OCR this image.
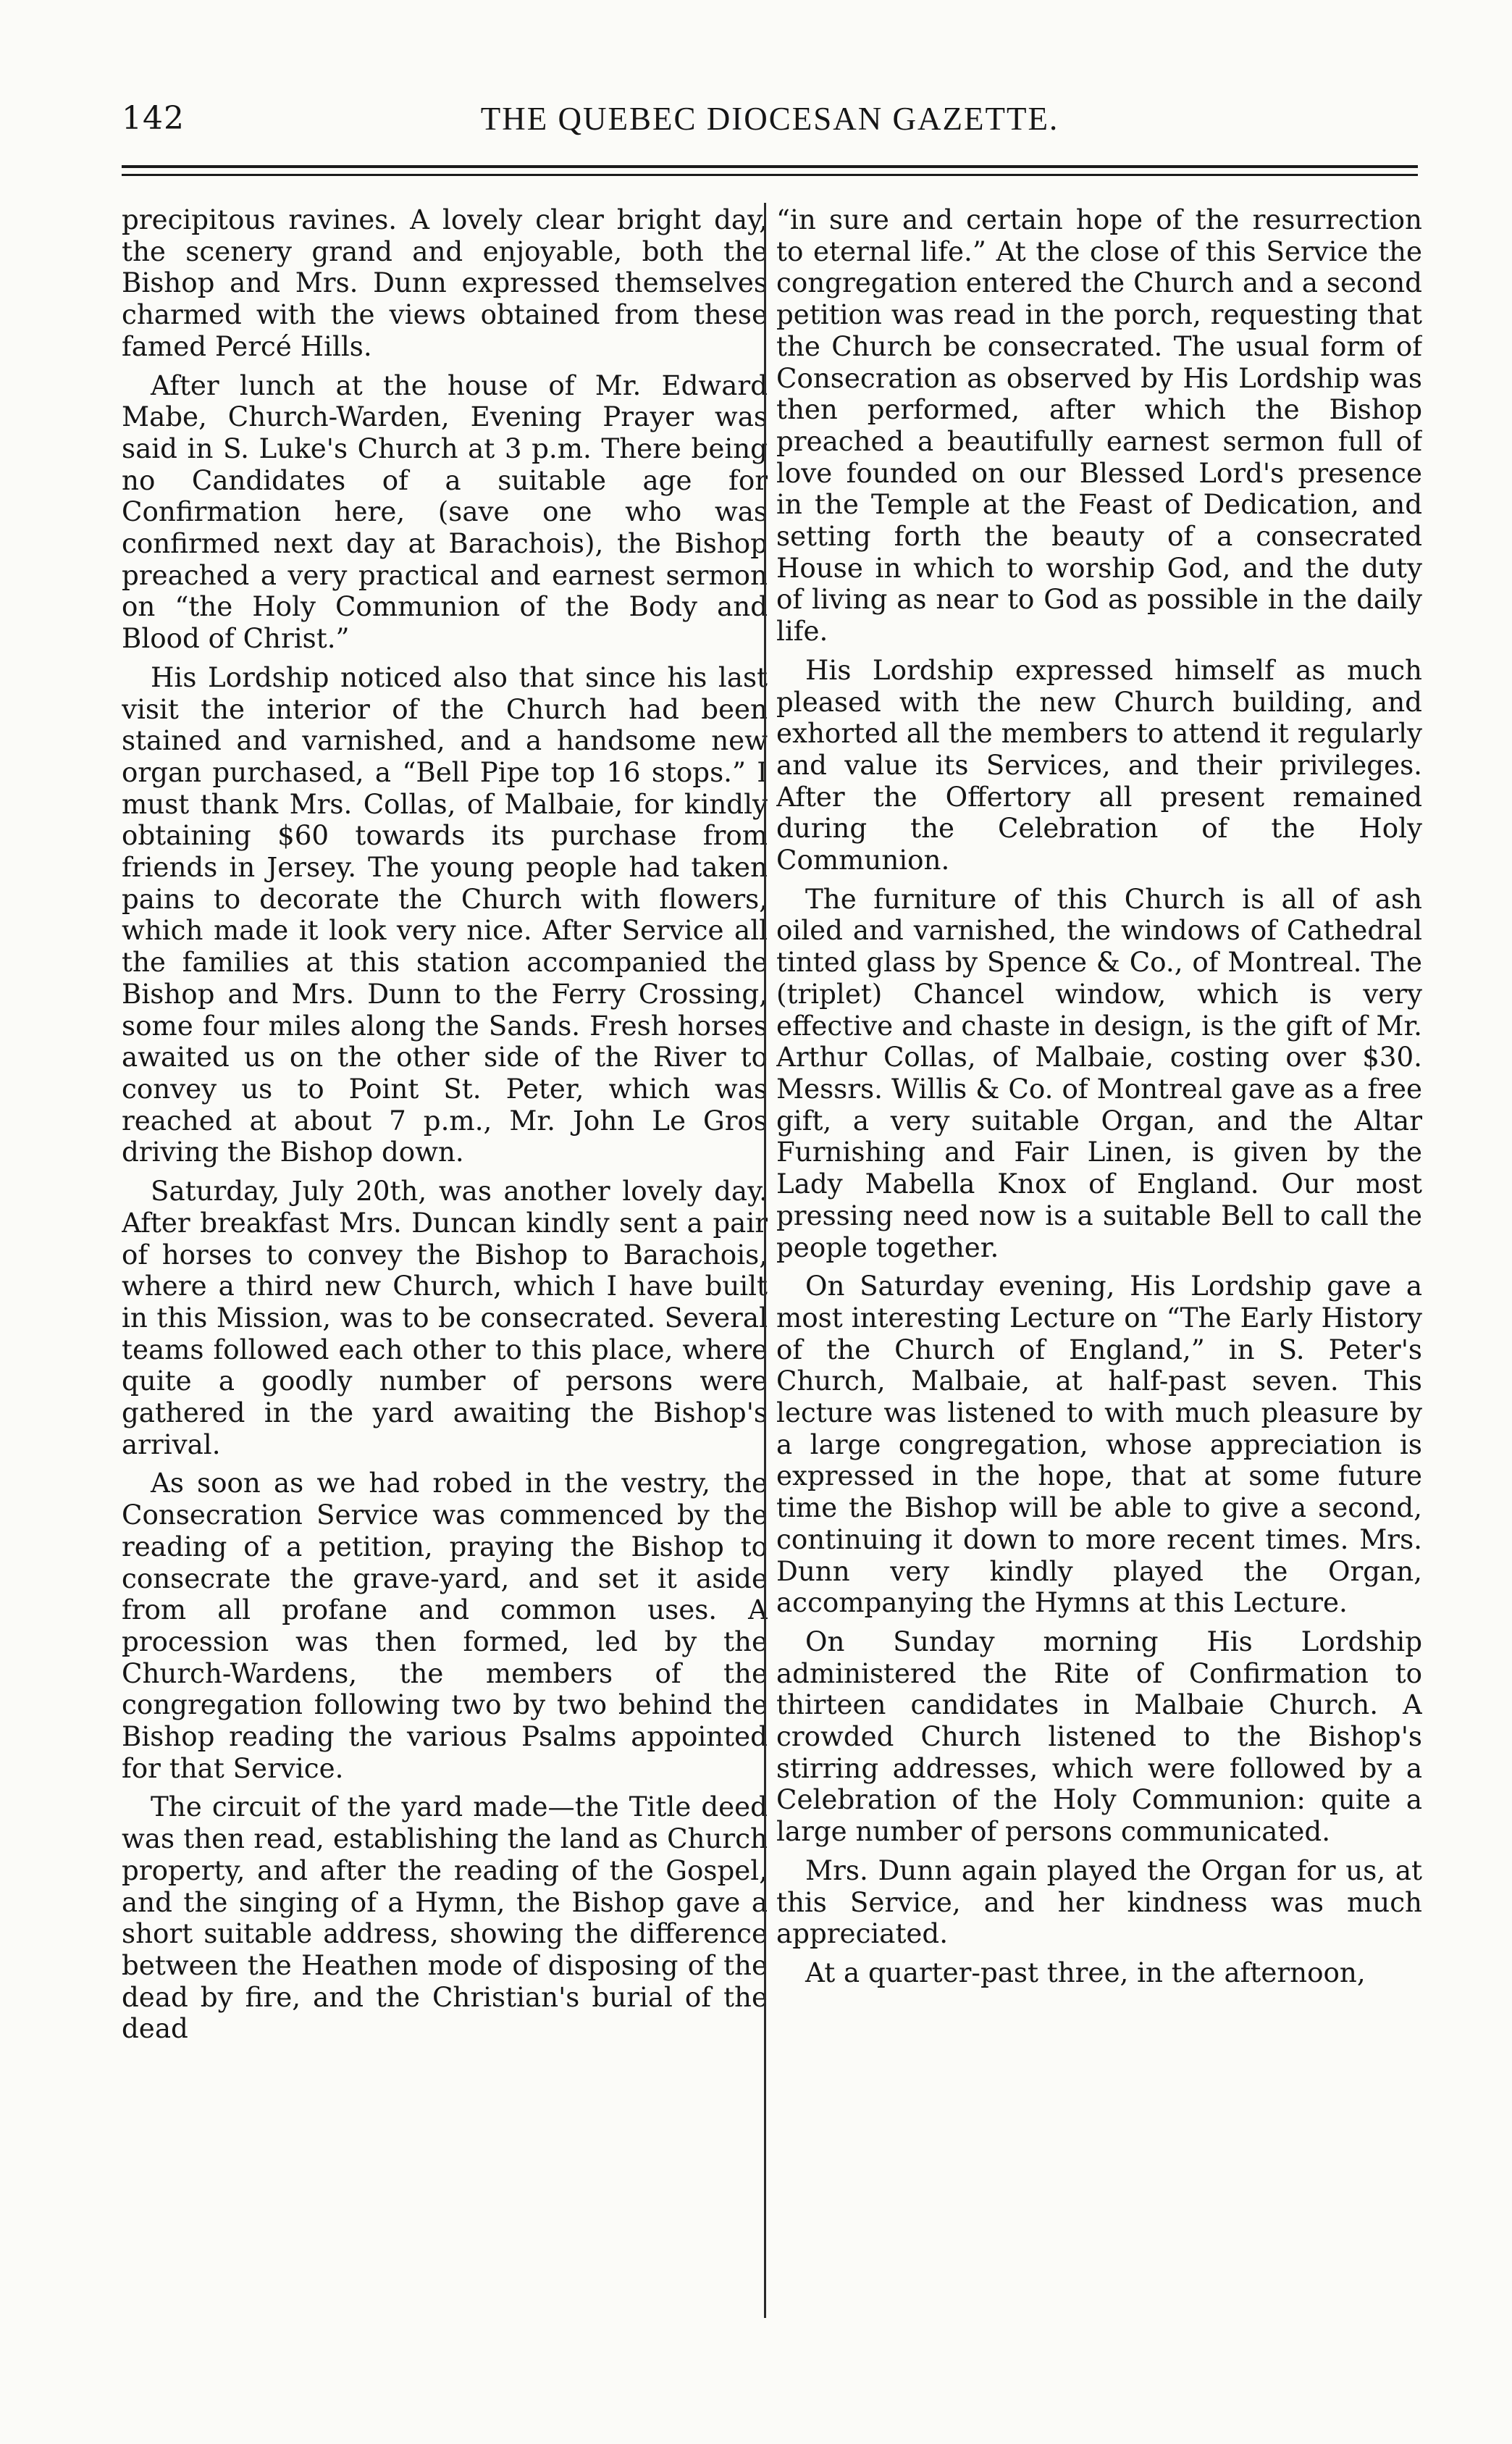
142	THE QUEBEC DIOCESAN GAZETTE.

precipitous ravines. A lovely clear bright day, the scenery grand and enjoyable, both the Bishop and Mrs. Dunn expressed themselves charmed with the views obtained from these famed Percé Hills.

After lunch at the house of Mr. Edward Mabe, Church-Warden, Evening Prayer was said in S. Luke's Church at 3 p.m. There being no Candidates of a suitable age for Confirmation here, (save one who was confirmed next day at Barachois), the Bishop preached a very practical and earnest sermon on “the Holy Communion of the Body and Blood of Christ.”

His Lordship noticed also that since his last visit the interior of the Church had been stained and varnished, and a handsome new organ purchased, a “Bell Pipe top 16 stops.” I must thank Mrs. Collas, of Malbaie, for kindly obtaining $60 towards its purchase from friends in Jersey. The young people had taken pains to decorate the Church with flowers, which made it look very nice. After Service all the families at this station accompanied the Bishop and Mrs. Dunn to the Ferry Crossing, some four miles along the Sands. Fresh horses awaited us on the other side of the River to convey us to Point St. Peter, which was reached at about 7 p.m., Mr. John Le Gros driving the Bishop down.

Saturday, July 20th, was another lovely day. After breakfast Mrs. Duncan kindly sent a pair of horses to convey the Bishop to Barachois, where a third new Church, which I have built in this Mission, was to be consecrated. Several teams followed each other to this place, where quite a goodly number of persons were gathered in the yard awaiting the Bishop's arrival.

As soon as we had robed in the vestry, the Consecration Service was commenced by the reading of a petition, praying the Bishop to consecrate the grave-yard, and set it aside from all profane and common uses. A procession was then formed, led by the Church-Wardens, the members of the congregation following two by two behind the Bishop reading the various Psalms appointed for that Service.

The circuit of the yard made—the Title deed was then read, establishing the land as Church property, and after the reading of the Gospel, and the singing of a Hymn, the Bishop gave a short suitable address, showing the difference between the Heathen mode of disposing of the dead by fire, and the Christian's burial of the dead

“in sure and certain hope of the resurrection to eternal life.” At the close of this Service the congregation entered the Church and a second petition was read in the porch, requesting that the Church be consecrated. The usual form of Consecration as observed by His Lordship was then performed, after which the Bishop preached a beautifully earnest sermon full of love founded on our Blessed Lord's presence in the Temple at the Feast of Dedication, and setting forth the beauty of a consecrated House in which to worship God, and the duty of living as near to God as possible in the daily life.

His Lordship expressed himself as much pleased with the new Church building, and exhorted all the members to attend it regularly and value its Services, and their privileges. After the Offertory all present remained during the Celebration of the Holy Communion.

The furniture of this Church is all of ash oiled and varnished, the windows of Cathedral tinted glass by Spence & Co., of Montreal. The (triplet) Chancel window, which is very effective and chaste in design, is the gift of Mr. Arthur Collas, of Malbaie, costing over $30. Messrs. Willis & Co. of Montreal gave as a free gift, a very suitable Organ, and the Altar Furnishing and Fair Linen, is given by the Lady Mabella Knox of England. Our most pressing need now is a suitable Bell to call the people together.

On Saturday evening, His Lordship gave a most interesting Lecture on “The Early History of the Church of England,” in S. Peter's Church, Malbaie, at half-past seven. This lecture was listened to with much pleasure by a large congregation, whose appreciation is expressed in the hope, that at some future time the Bishop will be able to give a second, continuing it down to more recent times. Mrs. Dunn very kindly played the Organ, accompanying the Hymns at this Lecture.

On Sunday morning His Lordship administered the Rite of Confirmation to thirteen candidates in Malbaie Church. A crowded Church listened to the Bishop's stirring addresses, which were followed by a Celebration of the Holy Communion: quite a large number of persons communicated.

Mrs. Dunn again played the Organ for us, at this Service, and her kindness was much appreciated.

At a quarter-past three, in the afternoon,
